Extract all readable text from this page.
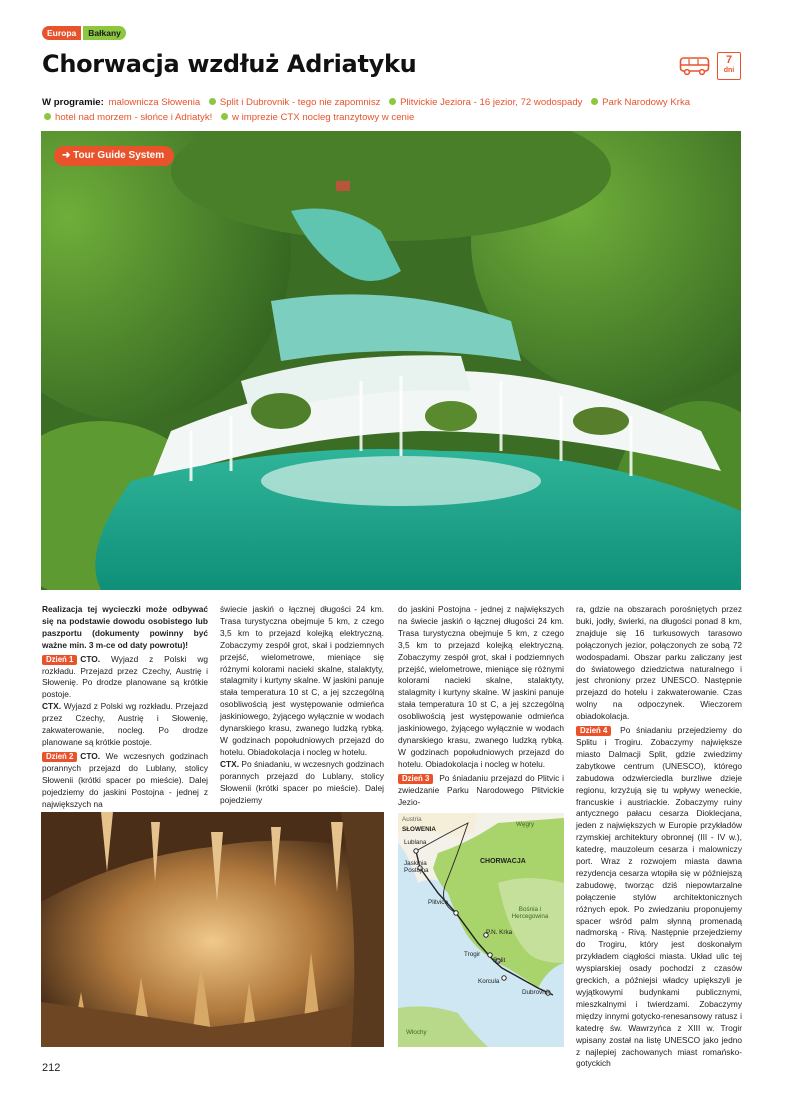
Europa	Bałkany
Chorwacja wzdłuż Adriatyku	7
dni
W programie: malownicza Słowenia Split i Dubrovnik - tego nie zapomnisz Plitvickie Jeziora - 16 jezior, 72 wodospady Park Narodowy Krka
hotel nad morzem - słońce i Adriatyk! w imprezie CTX nocleg tranzytowy w cenie
➜ Tour Guide System

Realizacja tej wycieczki może odbywać się na podstawie dowodu osobistego lub paszportu (dokumenty powinny być ważne min. 3 m-ce od daty powrotu)!

Dzień 1 CTO. Wyjazd z Polski wg rozkładu. Przejazd przez Czechy, Austrię i Słowenię. Po drodze planowane są krótkie postoje.

CTX. Wyjazd z Polski wg rozkładu. Przejazd przez Czechy, Austrię i Słowenię, zakwaterowanie, nocleg. Po drodze planowane są krótkie postoje.

Dzień 2 CTO. We wczesnych godzinach porannych przejazd do Lublany, stolicy Słowenii (krótki spacer po mieście). Dalej pojedziemy do jaskini Postojna - jednej z największych na

świecie jaskiń o łącznej długości 24 km. Trasa turystyczna obejmuje 5 km, z czego 3,5 km to przejazd kolejką elektryczną. Zobaczymy zespół grot, skał i podziemnych przejść, wielometrowe, mieniące się różnymi kolorami nacieki skalne, stalaktyty, stalagmity i kurtyny skalne. W jaskini panuje stała temperatura 10 st C, a jej szczególną osobliwością jest występowanie odmieńca jaskiniowego, żyjącego wyłącznie w wodach dynarskiego krasu, zwanego ludzką rybką. W godzinach popołudniowych przejazd do hotelu. Obiadokolacja i nocleg w hotelu.

CTX. Po śniadaniu, w wczesnych godzinach porannych przejazd do Lublany, stolicy Słowenii (krótki spacer po mieście). Dalej pojedziemy

do jaskini Postojna - jednej z największych na świecie jaskiń o łącznej długości 24 km. Trasa turystyczna obejmuje 5 km, z czego 3,5 km to przejazd kolejką elektryczną. Zobaczymy zespół grot, skał i podziemnych przejść, wielometrowe, mieniące się różnymi kolorami nacieki skalne, stalaktyty, stalagmity i kurtyny skalne. W jaskini panuje stała temperatura 10 st C, a jej szczególną osobliwością jest występowanie odmieńca jaskiniowego, żyjącego wyłącznie w wodach dynarskiego krasu, zwanego ludzką rybką. W godzinach popołudniowych przejazd do hotelu. Obiadokolacja i nocleg w hotelu.

Dzień 3 Po śniadaniu przejazd do Plitvic i zwiedzanie Parku Narodowego Plitvickie Jezio-

ra, gdzie na obszarach porośniętych przez buki, jodły, świerki, na długości ponad 8 km, znajduje się 16 turkusowych tarasowo połączonych jezior, połączonych ze sobą 72 wodospadami. Obszar parku zaliczany jest do światowego dziedzictwa naturalnego i jest chroniony przez UNESCO. Następnie przejazd do hotelu i zakwaterowanie. Czas wolny na odpoczynek. Wieczorem obiadokolacja.

Dzień 4 Po śniadaniu przejedziemy do Splitu i Trogiru. Zobaczymy największe miasto Dalmacji Split, gdzie zwiedzimy zabytkowe centrum (UNESCO), którego zabudowa odzwierciedla burzliwe dzieje regionu, krzyżują się tu wpływy weneckie, francuskie i austriackie. Zobaczymy ruiny antycznego pałacu cesarza Dioklecjana, jeden z największych w Europie przykładów rzymskiej architektury obronnej (III - IV w.), katedrę, mauzoleum cesarza i malowniczy port. Wraz z rozwojem miasta dawna rezydencja cesarza wtopiła się w późniejszą zabudowę, tworząc dziś niepowtarzalne połączenie stylów architektonicznych różnych epok. Po zwiedzaniu proponujemy spacer wśród palm słynną promenadą nadmorską - Rivą. Następnie przejedziemy do Trogiru, który jest doskonałym przykładem ciągłości miasta. Układ ulic tej wyspiarskiej osady pochodzi z czasów greckich, a późniejsi władcy upiększyli je wyjątkowymi budynkami publicznymi, mieszkalnymi i twierdzami. Zobaczymy między innymi gotycko-renesansowy ratusz i katedrę św. Wawrzyńca z XIII w. Trogir wpisany został na listę UNESCO jako jedno z najlepiej zachowanych miast romańsko-gotyckich

Austria
Węgry
SŁOWENIA
CHORWACJA
Bośnia i Hercegowina
Włochy
Lublana
Jaskinia Postojna
Plitvice
P.N. Krka
Trogir
Split
Korcula
Dubrovnik
212
